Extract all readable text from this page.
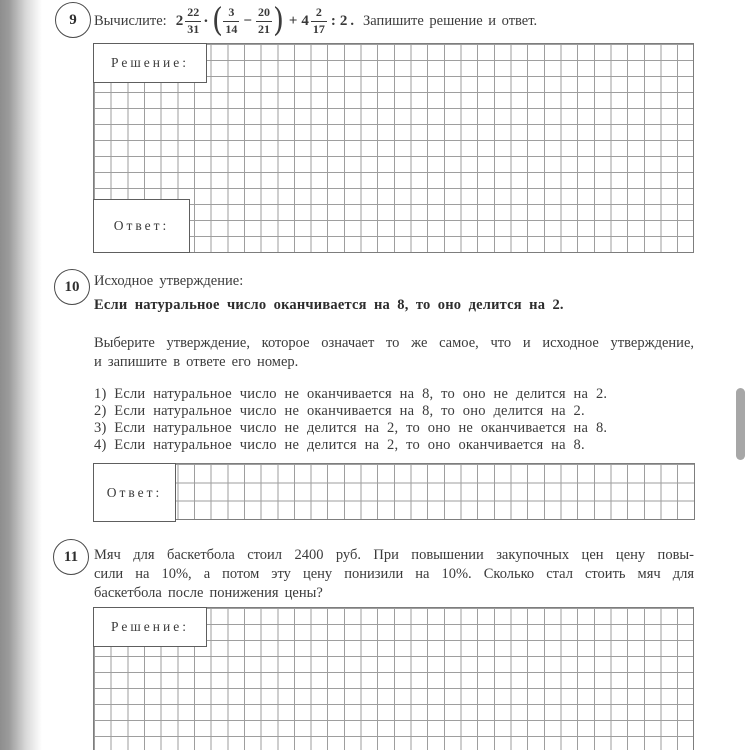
9 Вычислите: $2 \frac{22}{31}$ · ( $\frac{3}{14} - \frac{20}{21}$ ) + $4 \frac{2}{17}$ : 2 . Запишите решение и ответ.
Решение:
Ответ:
10 Исходное утверждение:
Если натуральное число оканчивается на 8, то оно делится на 2.
Выберите утверждение, которое означает то же самое, что и исходное утверждение,
и запишите в ответе его номер.
1) Если натуральное число не оканчивается на 8, то оно не делится на 2.
2) Если натуральное число не оканчивается на 8, то оно делится на 2.
3) Если натуральное число не делится на 2, то оно не оканчивается на 8.
4) Если натуральное число не делится на 2, то оно оканчивается на 8.
Ответ:
11 Мяч для баскетбола стоил 2400 руб. При повышении закупочных цен цену повы-
сили на 10%, а потом эту цену понизили на 10%. Сколько стал стоить мяч для
баскетбола после понижения цены?
Решение:
